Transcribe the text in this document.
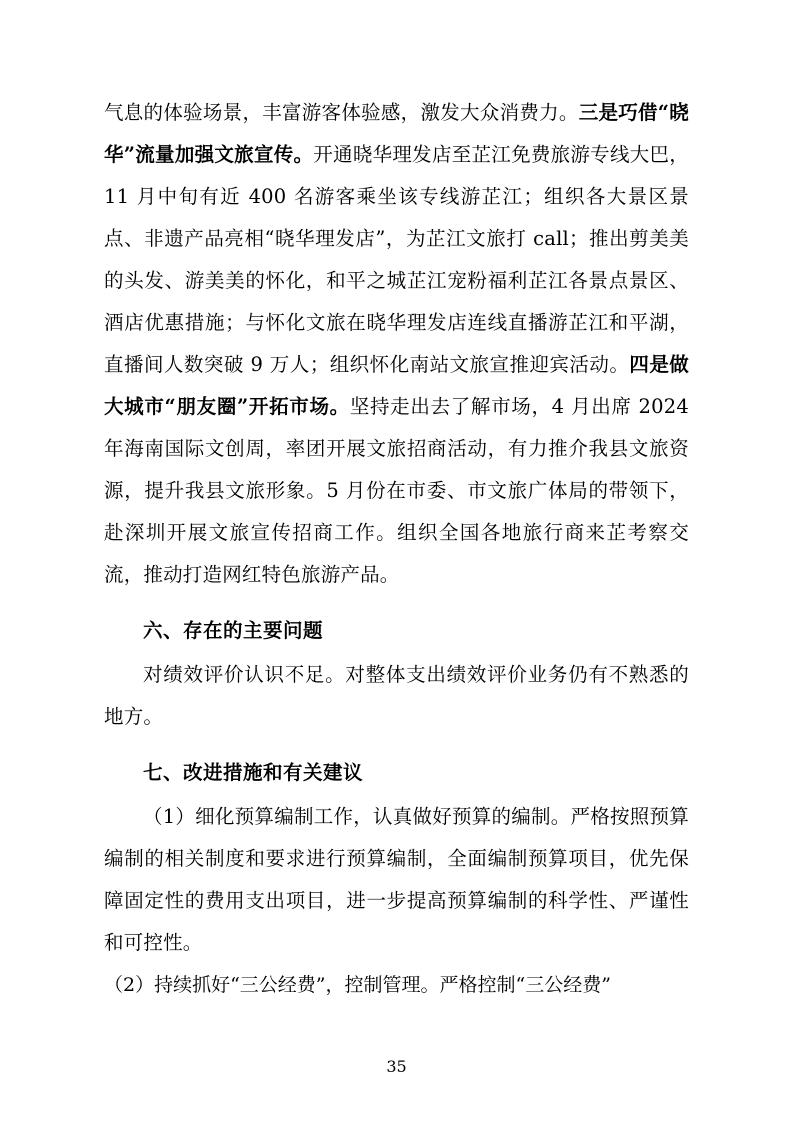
气息的体验场景，丰富游客体验感，激发大众消费力。三是巧借“晓华”流量加强文旅宣传。开通晓华理发店至芷江免费旅游专线大巴，11 月中旬有近 400 名游客乘坐该专线游芷江；组织各大景区景点、非遗产品亮相“晓华理发店”，为芷江文旅打 call；推出剪美美的头发、游美美的怀化，和平之城芷江宠粉福利芷江各景点景区、酒店优惠措施；与怀化文旅在晓华理发店连线直播游芷江和平湖，直播间人数突破 9 万人；组织怀化南站文旅宣推迎宾活动。四是做大城市“朋友圈”开拓市场。坚持走出去了解市场，4 月出席 2024 年海南国际文创周，率团开展文旅招商活动，有力推介我县文旅资源，提升我县文旅形象。5 月份在市委、市文旅广体局的带领下，赴深圳开展文旅宣传招商工作。组织全国各地旅行商来芷考察交流，推动打造网红特色旅游产品。

六、存在的主要问题

对绩效评价认识不足。对整体支出绩效评价业务仍有不熟悉的地方。

七、改进措施和有关建议

（1）细化预算编制工作，认真做好预算的编制。严格按照预算编制的相关制度和要求进行预算编制，全面编制预算项目，优先保障固定性的费用支出项目，进一步提高预算编制的科学性、严谨性和可控性。

（2）持续抓好“三公经费”，控制管理。严格控制“三公经费”

35
